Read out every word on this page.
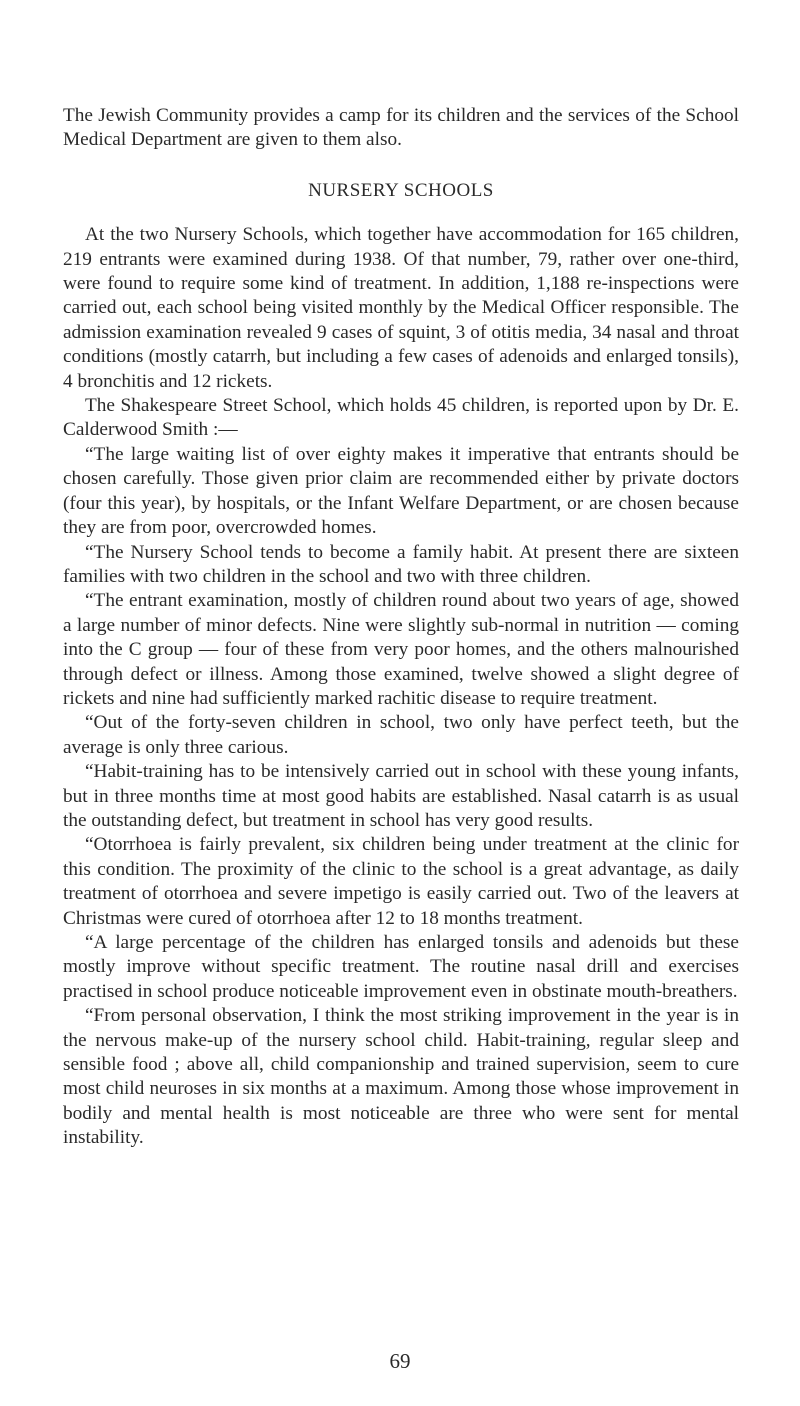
The Jewish Community provides a camp for its children and the services of the School Medical Department are given to them also.

NURSERY SCHOOLS

At the two Nursery Schools, which together have accommodation for 165 children, 219 entrants were examined during 1938. Of that number, 79, rather over one-third, were found to require some kind of treatment. In addition, 1,188 re-inspections were carried out, each school being visited monthly by the Medical Officer responsible. The admission examination revealed 9 cases of squint, 3 of otitis media, 34 nasal and throat conditions (mostly catarrh, but including a few cases of adenoids and enlarged tonsils), 4 bronchitis and 12 rickets.

The Shakespeare Street School, which holds 45 children, is reported upon by Dr. E. Calderwood Smith :—

“The large waiting list of over eighty makes it imperative that entrants should be chosen carefully. Those given prior claim are recommended either by private doctors (four this year), by hospitals, or the Infant Welfare Department, or are chosen because they are from poor, overcrowded homes.

“The Nursery School tends to become a family habit. At present there are sixteen families with two children in the school and two with three children.

“The entrant examination, mostly of children round about two years of age, showed a large number of minor defects. Nine were slightly sub-normal in nutrition — coming into the C group — four of these from very poor homes, and the others malnourished through defect or illness. Among those examined, twelve showed a slight degree of rickets and nine had sufficiently marked rachitic disease to require treatment.

“Out of the forty-seven children in school, two only have perfect teeth, but the average is only three carious.

“Habit-training has to be intensively carried out in school with these young infants, but in three months time at most good habits are established. Nasal catarrh is as usual the outstanding defect, but treatment in school has very good results.

“Otorrhoea is fairly prevalent, six children being under treatment at the clinic for this condition. The proximity of the clinic to the school is a great advantage, as daily treatment of otorrhoea and severe impetigo is easily carried out. Two of the leavers at Christmas were cured of otorrhoea after 12 to 18 months treatment.

“A large percentage of the children has enlarged tonsils and adenoids but these mostly improve without specific treatment. The routine nasal drill and exercises practised in school produce noticeable improvement even in obstinate mouth-breathers.

“From personal observation, I think the most striking improvement in the year is in the nervous make-up of the nursery school child. Habit-training, regular sleep and sensible food ; above all, child companionship and trained supervision, seem to cure most child neuroses in six months at a maximum. Among those whose improvement in bodily and mental health is most noticeable are three who were sent for mental instability.

69
